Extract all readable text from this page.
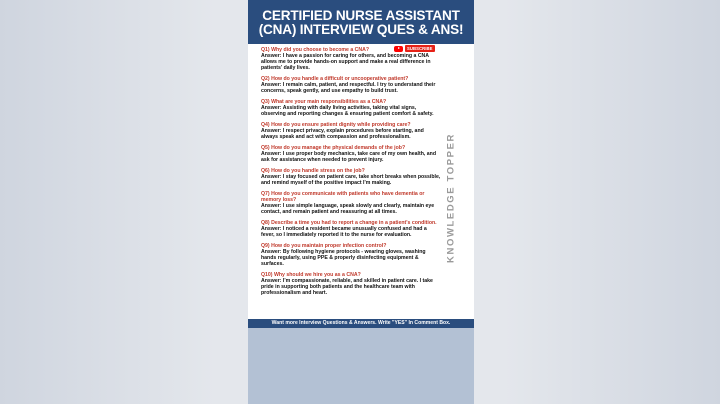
CERTIFIED NURSE ASSISTANT
(CNA) INTERVIEW QUES & ANS!
SUBSCRIBE
KNOWLEDGE TOPPER
Q1) Why did you choose to become a CNA?
Answer: I have a passion for caring for others, and becoming a CNA allows me to provide hands-on support and make a real difference in patients' daily lives.
Q2) How do you handle a difficult or uncooperative patient?
Answer: I remain calm, patient, and respectful. I try to understand their concerns, speak gently, and use empathy to build trust.
Q3) What are your main responsibilities as a CNA?
Answer: Assisting with daily living activities, taking vital signs, observing and reporting changes & ensuring patient comfort & safety.
Q4) How do you ensure patient dignity while providing care?
Answer: I respect privacy, explain procedures before starting, and always speak and act with compassion and professionalism.
Q5) How do you manage the physical demands of the job?
Answer: I use proper body mechanics, take care of my own health, and ask for assistance when needed to prevent injury.
Q6) How do you handle stress on the job?
Answer: I stay focused on patient care, take short breaks when possible, and remind myself of the positive impact I'm making.
Q7) How do you communicate with patients who have dementia or memory loss?
Answer: I use simple language, speak slowly and clearly, maintain eye contact, and remain patient and reassuring at all times.
Q8) Describe a time you had to report a change in a patient's condition.
Answer: I noticed a resident became unusually confused and had a fever, so I immediately reported it to the nurse for evaluation.
Q9) How do you maintain proper infection control?
Answer: By following hygiene protocols - wearing gloves, washing hands regularly, using PPE & properly disinfecting equipment & surfaces.
Q10) Why should we hire you as a CNA?
Answer: I'm compassionate, reliable, and skilled in patient care. I take pride in supporting both patients and the healthcare team with professionalism and heart.
Want more Interview Questions & Answers. Write "YES" In Comment Box.
